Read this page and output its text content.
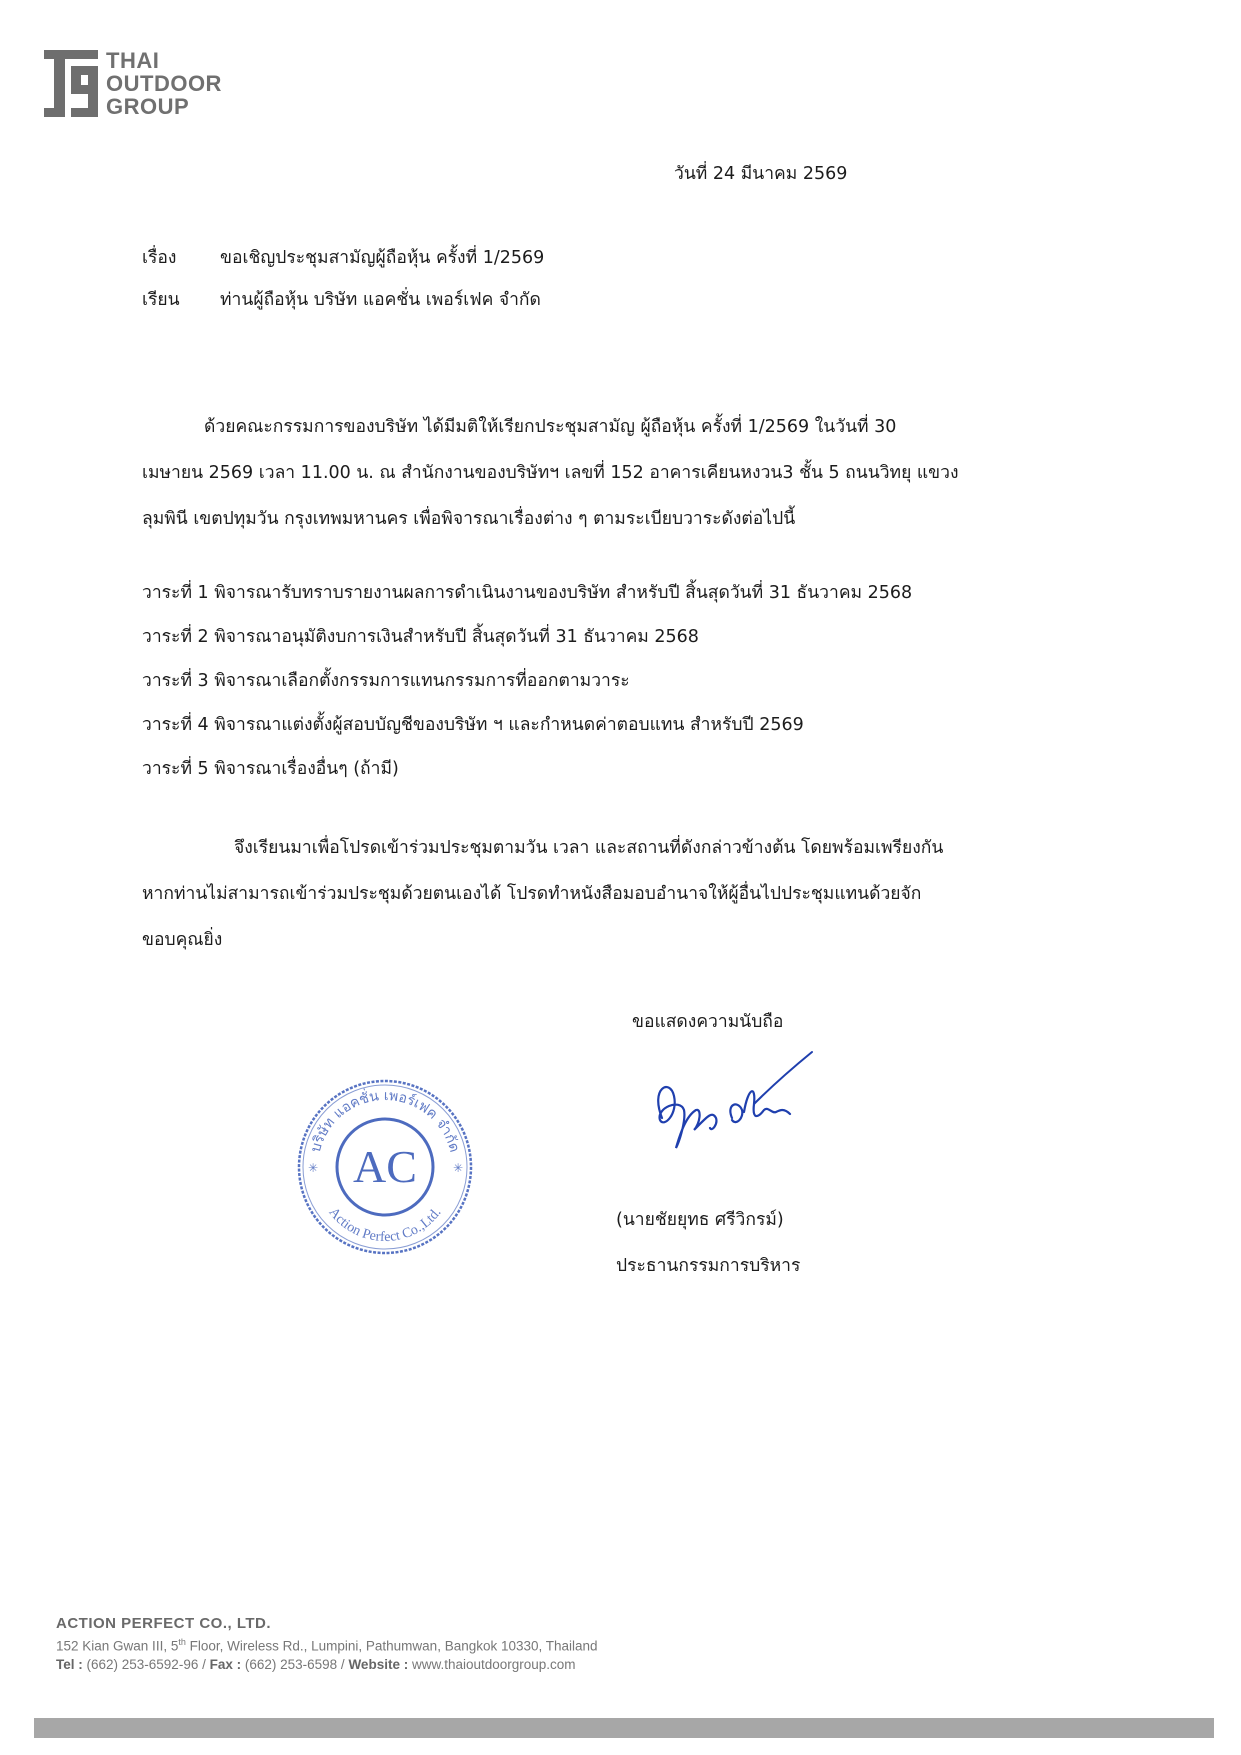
THAI
OUTDOOR
GROUP
วันที่ 24 มีนาคม 2569
เรื่อง ขอเชิญประชุมสามัญผู้ถือหุ้น ครั้งที่ 1/2569
เรียน ท่านผู้ถือหุ้น บริษัท แอคชั่น เพอร์เฟค จำกัด
ด้วยคณะกรรมการของบริษัท ได้มีมติให้เรียกประชุมสามัญ ผู้ถือหุ้น ครั้งที่ 1/2569 ในวันที่ 30
เมษายน 2569 เวลา 11.00 น. ณ สำนักงานของบริษัทฯ เลขที่ 152 อาคารเคียนหงวน3 ชั้น 5 ถนนวิทยุ แขวง
ลุมพินี เขตปทุมวัน กรุงเทพมหานคร เพื่อพิจารณาเรื่องต่าง ๆ ตามระเบียบวาระดังต่อไปนี้
วาระที่ 1 พิจารณารับทราบรายงานผลการดำเนินงานของบริษัท สำหรับปี สิ้นสุดวันที่ 31 ธันวาคม 2568
วาระที่ 2 พิจารณาอนุมัติงบการเงินสำหรับปี สิ้นสุดวันที่ 31 ธันวาคม 2568
วาระที่ 3 พิจารณาเลือกตั้งกรรมการแทนกรรมการที่ออกตามวาระ
วาระที่ 4 พิจารณาแต่งตั้งผู้สอบบัญชีของบริษัท ฯ และกำหนดค่าตอบแทน สำหรับปี 2569
วาระที่ 5 พิจารณาเรื่องอื่นๆ (ถ้ามี)
จึงเรียนมาเพื่อโปรดเข้าร่วมประชุมตามวัน เวลา และสถานที่ดังกล่าวข้างต้น โดยพร้อมเพรียงกัน
หากท่านไม่สามารถเข้าร่วมประชุมด้วยตนเองได้ โปรดทำหนังสือมอบอำนาจให้ผู้อื่นไปประชุมแทนด้วยจัก
ขอบคุณยิ่ง
ขอแสดงความนับถือ
AC
บริษัท แอคชั่น เพอร์เฟค จำกัด
Action Perfect Co.,Ltd.
✳	✳
(นายชัยยุทธ ศรีวิกรม์)
ประธานกรรมการบริหาร
ACTION PERFECT CO., LTD.
152 Kian Gwan III, 5th Floor, Wireless Rd., Lumpini, Pathumwan, Bangkok 10330, Thailand
Tel : (662) 253-6592-96 / Fax : (662) 253-6598 / Website : www.thaioutdoorgroup.com
